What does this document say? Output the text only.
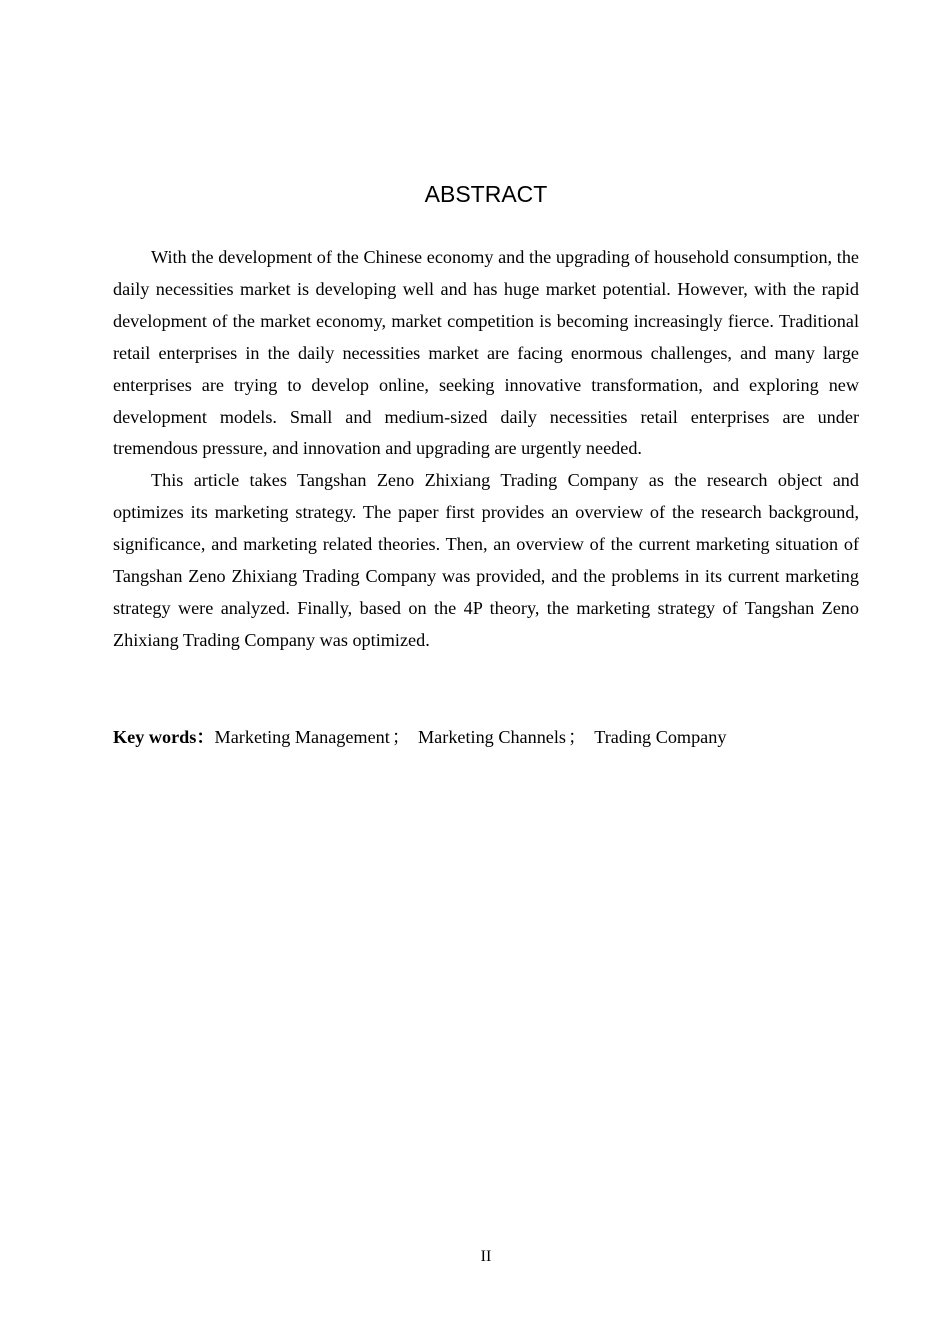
ABSTRACT

With the development of the Chinese economy and the upgrading of household consumption, the daily necessities market is developing well and has huge market potential. However, with the rapid development of the market economy, market competition is becoming increasingly fierce. Traditional retail enterprises in the daily necessities market are facing enormous challenges, and many large enterprises are trying to develop online, seeking innovative transformation, and exploring new development models. Small and medium-sized daily necessities retail enterprises are under tremendous pressure, and innovation and upgrading are urgently needed.

This article takes Tangshan Zeno Zhixiang Trading Company as the research object and optimizes its marketing strategy. The paper first provides an overview of the research background, significance, and marketing related theories. Then, an overview of the current marketing situation of Tangshan Zeno Zhixiang Trading Company was provided, and the problems in its current marketing strategy were analyzed. Finally, based on the 4P theory, the marketing strategy of Tangshan Zeno Zhixiang Trading Company was optimized.

Key words：Marketing Management ； Marketing Channels ； Trading Company
II
